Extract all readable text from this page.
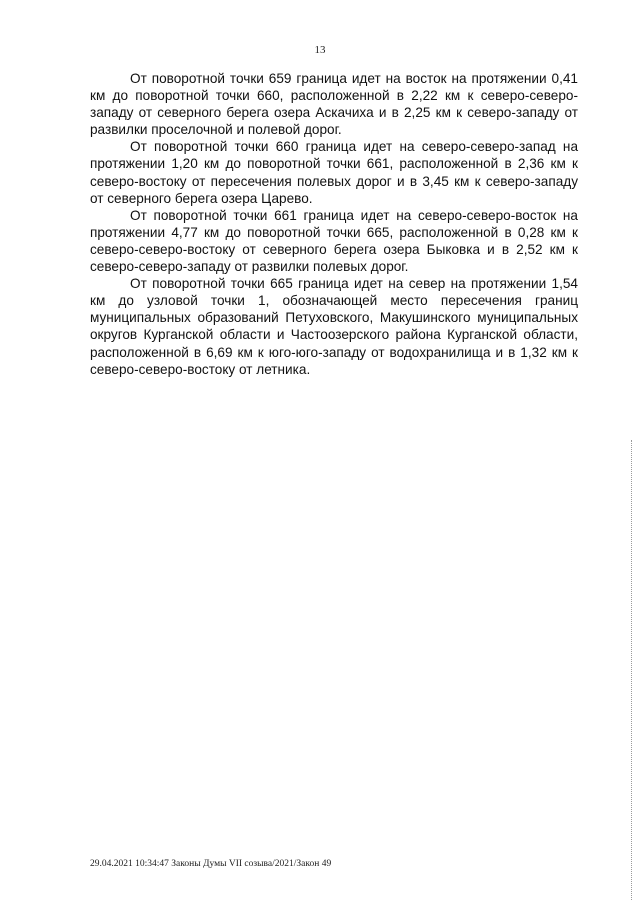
13

От поворотной точки 659 граница идет на восток на протяжении 0,41 км до поворотной точки 660, расположенной в 2,22 км к северо-северо-западу от северного берега озера Аскачиха и в 2,25 км к северо-западу от развилки проселочной и полевой дорог.

От поворотной точки 660 граница идет на северо-северо-запад на протяжении 1,20 км до поворотной точки 661, расположенной в 2,36 км к северо-востоку от пересечения полевых дорог и в 3,45 км к северо-западу от северного берега озера Царево.

От поворотной точки 661 граница идет на северо-северо-восток на протяжении 4,77 км до поворотной точки 665, расположенной в 0,28 км к северо-северо-востоку от северного берега озера Быковка и в 2,52 км к северо-северо-западу от развилки полевых дорог.

От поворотной точки 665 граница идет на север на протяжении 1,54 км до узловой точки 1, обозначающей место пересечения границ муниципальных образований Петуховского, Макушинского муниципальных округов Курганской области и Частоозерского района Курганской области, расположенной в 6,69 км к юго-юго-западу от водохранилища и в 1,32 км к северо-северо-востоку от летника.

29.04.2021 10:34:47 Законы Думы VII созыва/2021/Закон 49
